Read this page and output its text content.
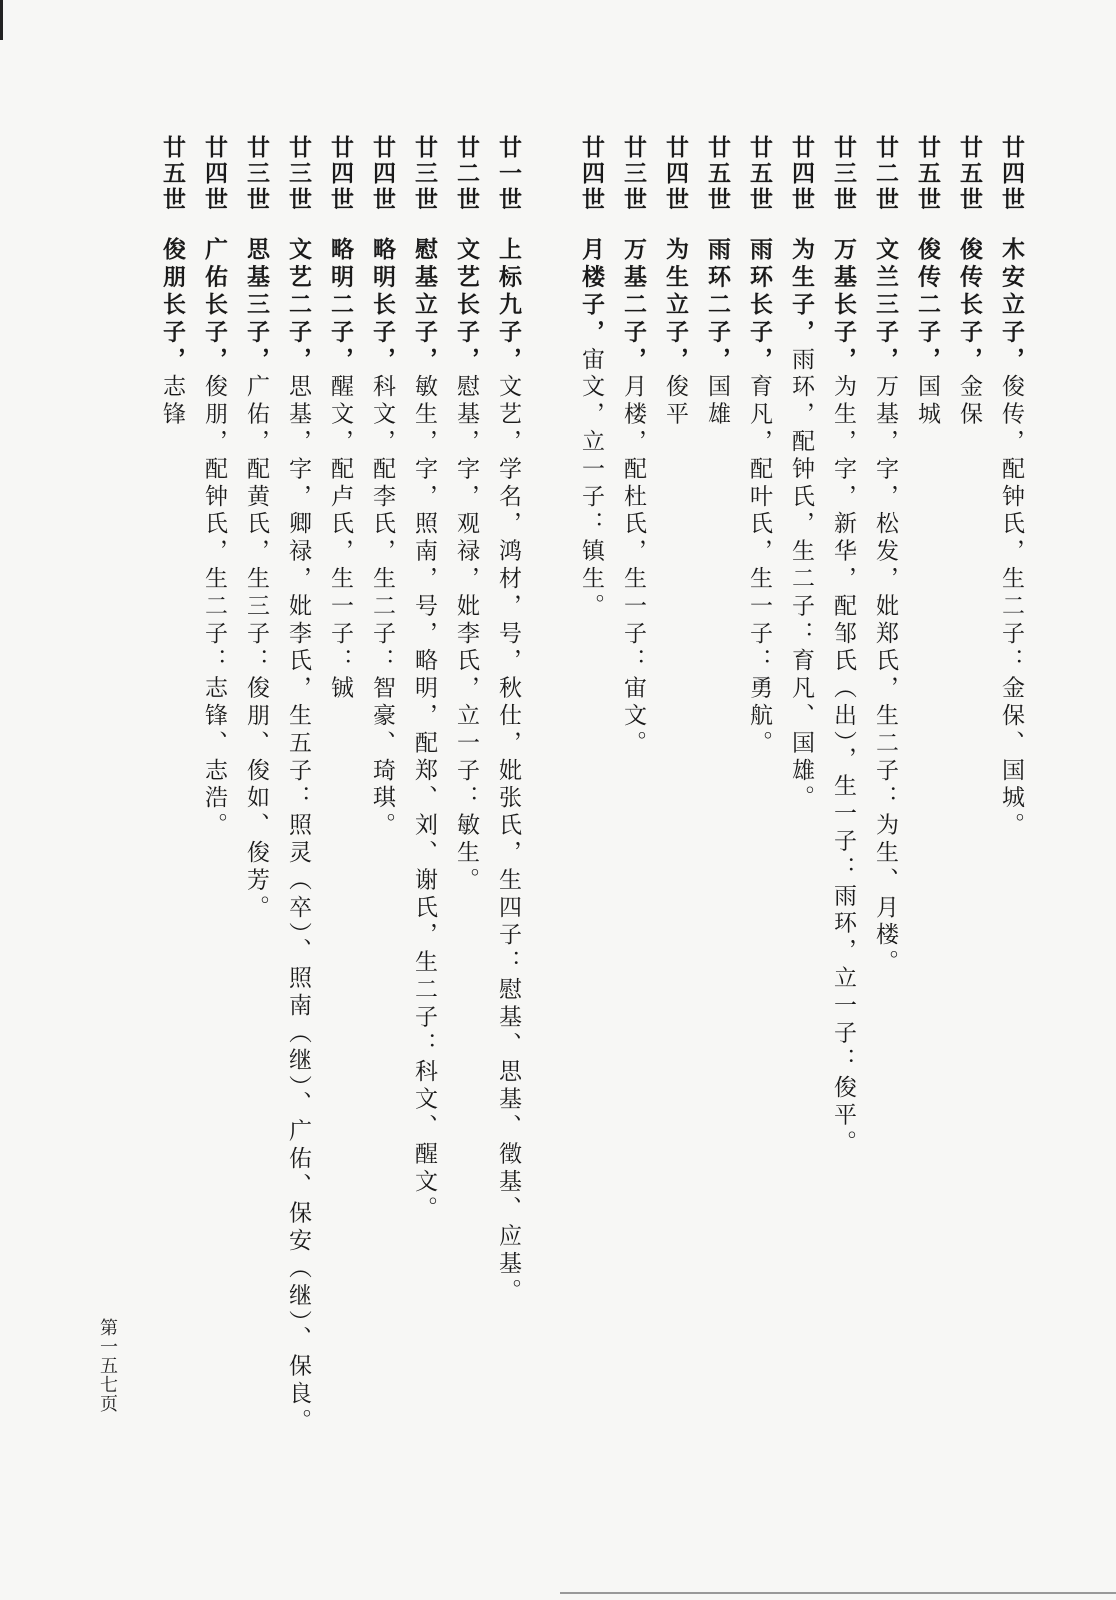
廿四世木安立子，俊传，配钟氏，生二子：金保、国城。
廿五世俊传长子，金保
廿五世俊传二子，国城
廿二世文兰三子，万基，字，松发，妣郑氏，生二子：为生、月楼。
廿三世万基长子，为生，字，新华，配邹氏（出），生一子：雨环，立一子：俊平。
廿四世为生子，雨环，配钟氏，生二子：育凡、国雄。
廿五世雨环长子，育凡，配叶氏，生一子：勇航。
廿五世雨环二子，国雄
廿四世为生立子，俊平
廿三世万基二子，月楼，配杜氏，生一子：宙文。
廿四世月楼子，宙文，立一子：镇生。
廿一世上标九子，文艺，学名，鸿材，号，秋仕，妣张氏，生四子：慰基、思基、徵基、应基。
廿二世文艺长子，慰基，字，观禄，妣李氏，立一子：敏生。
廿三世慰基立子，敏生，字，照南，号，略明，配郑、刘、谢氏，生二子：科文、醒文。
廿四世略明长子，科文，配李氏，生二子：智豪、琦琪。
廿四世略明二子，醒文，配卢氏，生一子：铖
廿三世文艺二子，思基，字，卿禄，妣李氏，生五子：照灵（卒）、照南（继）、广佑、保安（继）、保良。
廿三世思基三子，广佑，配黄氏，生三子：俊朋、俊如、俊芳。
廿四世广佑长子，俊朋，配钟氏，生二子：志锋、志浩。
廿五世俊朋长子，志锋
第一五七页
